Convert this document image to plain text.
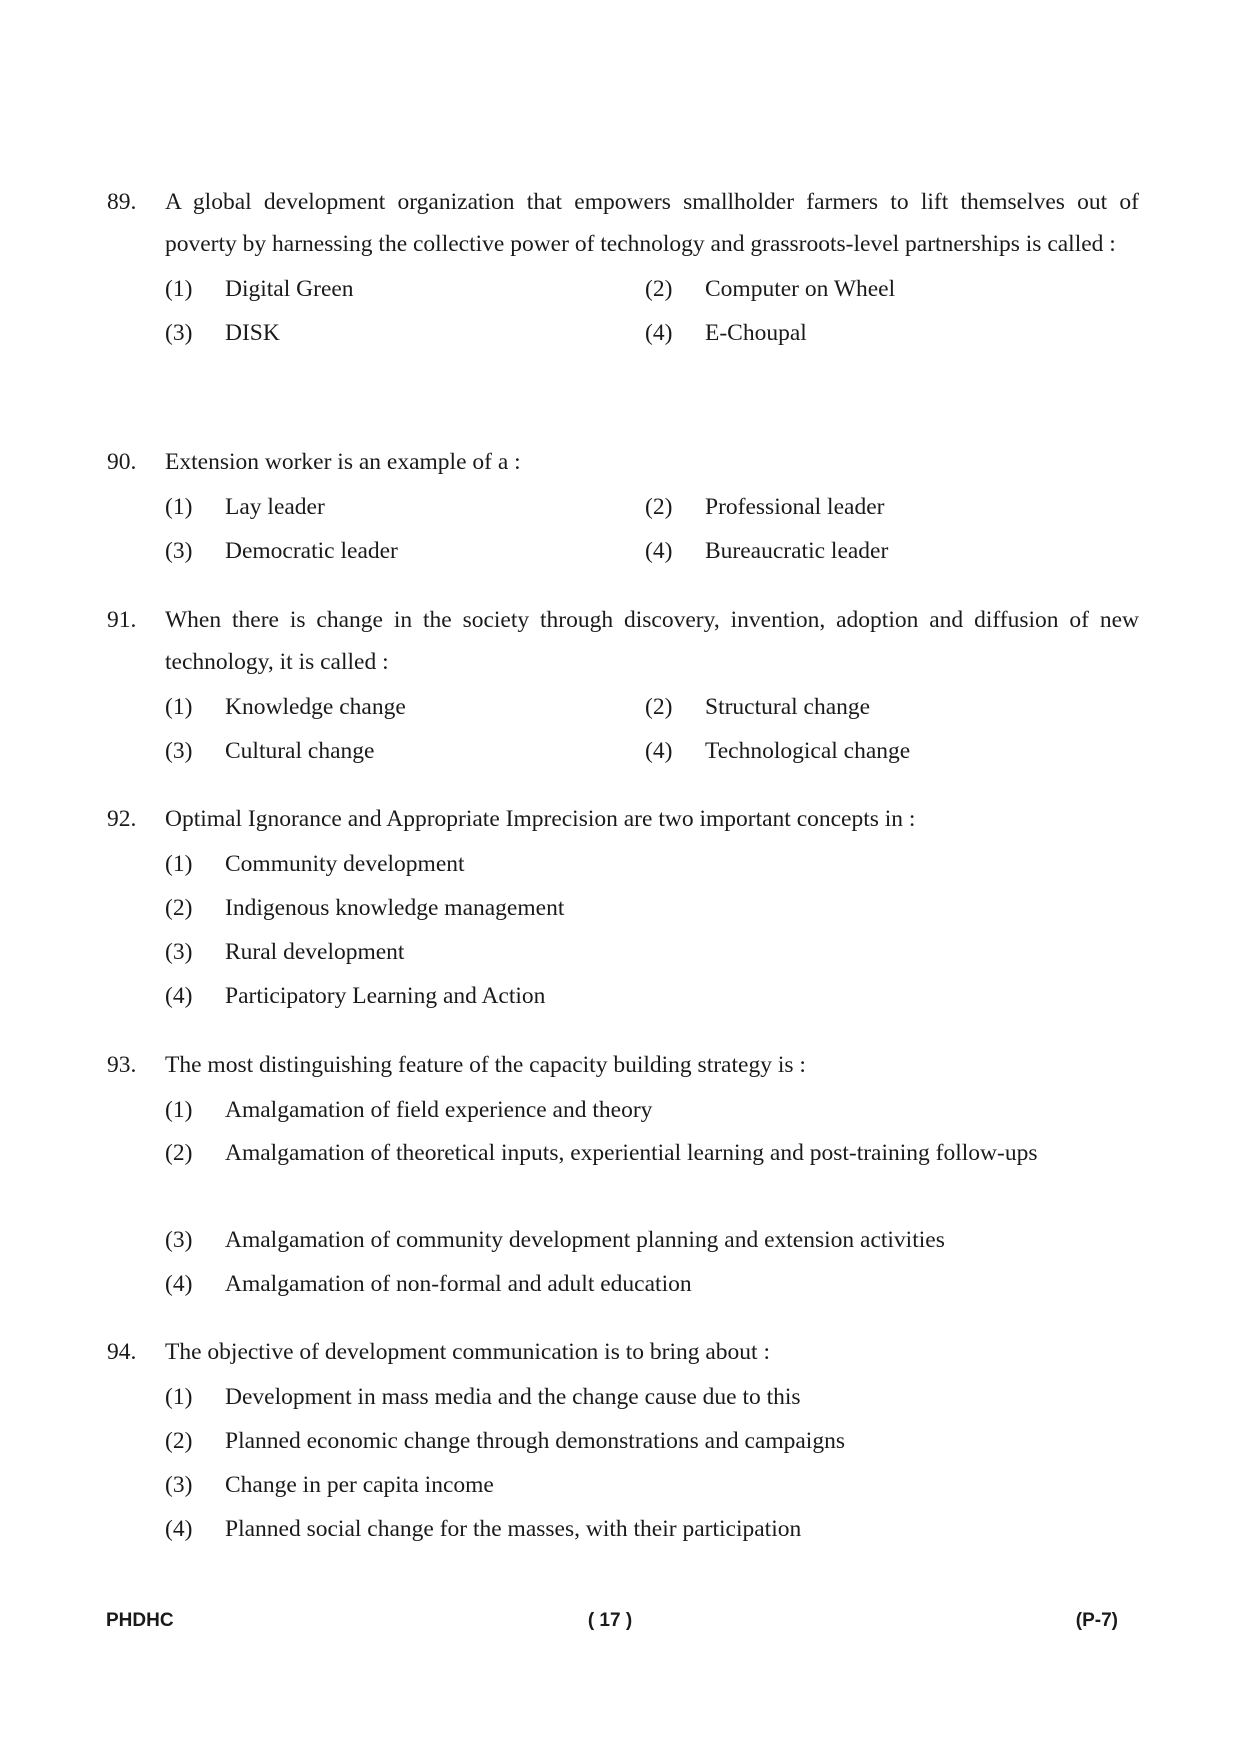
89.	A global development organization that empowers smallholder farmers to lift themselves out of poverty by harnessing the collective power of technology and grassroots-level partnerships is called :
(1)	Digital Green	(2)	Computer on Wheel
(3)	DISK	(4)	E-Choupal
90.	Extension worker is an example of a :
(1)	Lay leader	(2)	Professional leader
(3)	Democratic leader	(4)	Bureaucratic leader
91.	When there is change in the society through discovery, invention, adoption and diffusion of new technology, it is called :
(1)	Knowledge change	(2)	Structural change
(3)	Cultural change	(4)	Technological change
92.	Optimal Ignorance and Appropriate Imprecision are two important concepts in :
(1)	Community development
(2)	Indigenous knowledge management
(3)	Rural development
(4)	Participatory Learning and Action
93.	The most distinguishing feature of the capacity building strategy is :
(1)	Amalgamation of field experience and theory
(2)	Amalgamation of theoretical inputs, experiential learning and post-training follow-ups
(3)	Amalgamation of community development planning and extension activities
(4)	Amalgamation of non-formal and adult education
94.	The objective of development communication is to bring about :
(1)	Development in mass media and the change cause due to this
(2)	Planned economic change through demonstrations and campaigns
(3)	Change in per capita income
(4)	Planned social change for the masses, with their participation
PHDHC	( 17 )	(P-7)
